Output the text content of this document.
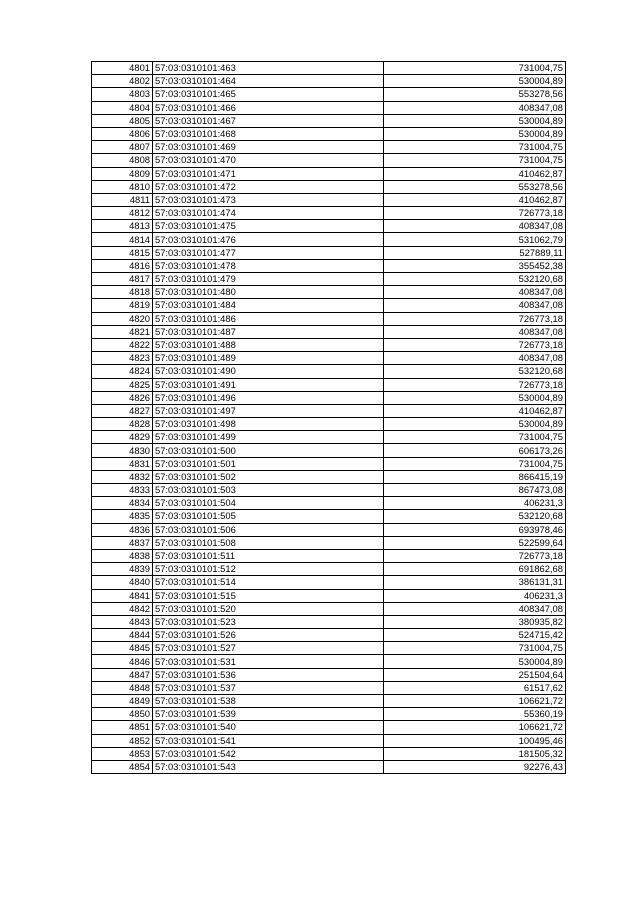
4801	57:03:0310101:463	731004,75
4802	57:03:0310101:464	530004,89
4803	57:03:0310101:465	553278,56
4804	57:03:0310101:466	408347,08
4805	57:03:0310101:467	530004,89
4806	57:03:0310101:468	530004,89
4807	57:03:0310101:469	731004,75
4808	57:03:0310101:470	731004,75
4809	57:03:0310101:471	410462,87
4810	57:03:0310101:472	553278,56
4811	57:03:0310101:473	410462,87
4812	57:03:0310101:474	726773,18
4813	57:03:0310101:475	408347,08
4814	57:03:0310101:476	531062,79
4815	57:03:0310101:477	527889,11
4816	57:03:0310101:478	355452,38
4817	57:03:0310101:479	532120,68
4818	57:03:0310101:480	408347,08
4819	57:03:0310101:484	408347,08
4820	57:03:0310101:486	726773,18
4821	57:03:0310101:487	408347,08
4822	57:03:0310101:488	726773,18
4823	57:03:0310101:489	408347,08
4824	57:03:0310101:490	532120,68
4825	57:03:0310101:491	726773,18
4826	57:03:0310101:496	530004,89
4827	57:03:0310101:497	410462,87
4828	57:03:0310101:498	530004,89
4829	57:03:0310101:499	731004,75
4830	57:03:0310101:500	606173,26
4831	57:03:0310101:501	731004,75
4832	57:03:0310101:502	866415,19
4833	57:03:0310101:503	867473,08
4834	57:03:0310101:504	406231,3
4835	57:03:0310101:505	532120,68
4836	57:03:0310101:506	693978,46
4837	57:03:0310101:508	522599,64
4838	57:03:0310101:511	726773,18
4839	57:03:0310101:512	691862,68
4840	57:03:0310101:514	386131,31
4841	57:03:0310101:515	406231,3
4842	57:03:0310101:520	408347,08
4843	57:03:0310101:523	380935,82
4844	57:03:0310101:526	524715,42
4845	57:03:0310101:527	731004,75
4846	57:03:0310101:531	530004,89
4847	57:03:0310101:536	251504,64
4848	57:03:0310101:537	61517,62
4849	57:03:0310101:538	106621,72
4850	57:03:0310101:539	55360,19
4851	57:03:0310101:540	106621,72
4852	57:03:0310101:541	100495,46
4853	57:03:0310101:542	181505,32
4854	57:03:0310101:543	92276,43
